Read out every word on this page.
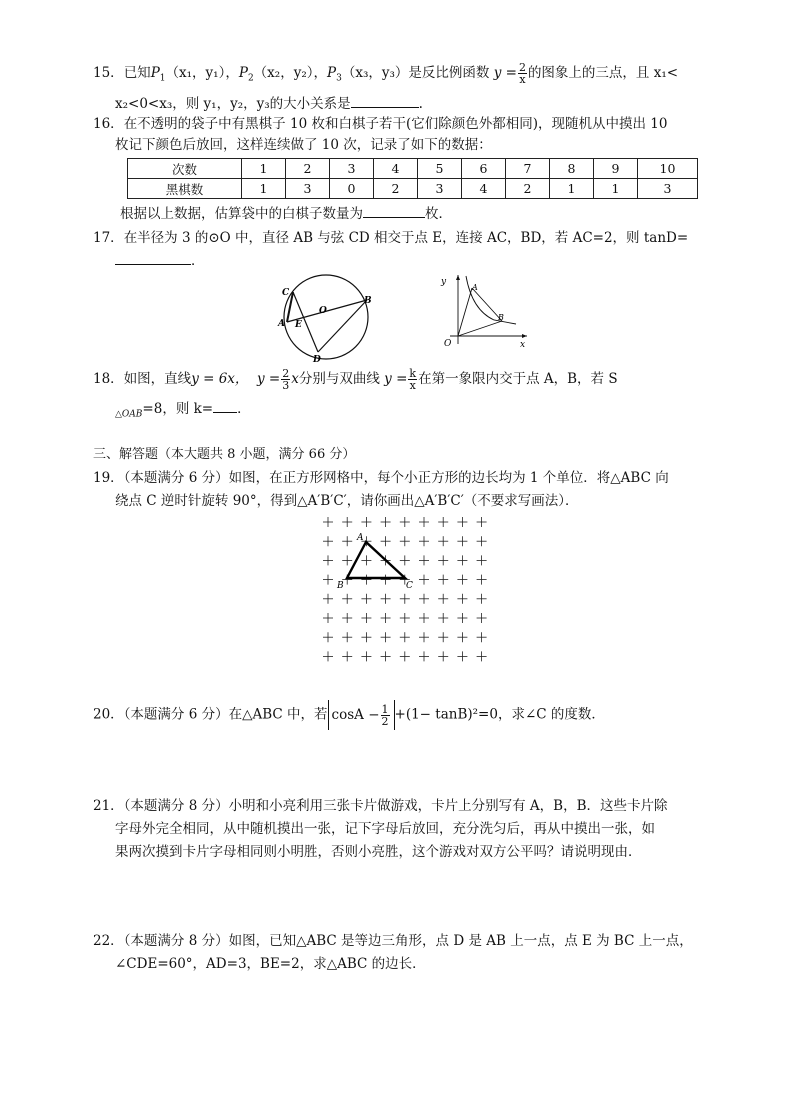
15．已知$P_1(x_1$，y₁），$P_2(x_2$，y₂），$P_3(x_3$，y₃）是反比例函数 $y = \frac{2}{x}$ 的图象上的三点，且 x₁<
x₂<0<x₃，则 y₁，y₂，y₃的大小关系是	.
16．在不透明的袋子中有黑棋子 10 枚和白棋子若干(它们除颜色外都相同)，现随机从中摸出 10
枚记下颜色后放回，这样连续做了 10 次，记录了如下的数据：
次数	1	2	3	4	5	6	7	8	9	10
黑棋数	1	3	0	2	3	4	2	1	1	3
根据以上数据，估算袋中的白棋子数量为	枚．
17．在半径为 3 的⊙O 中，直径 AB 与弦 CD 相交于点 E，连接 AC，BD，若 AC=2，则 tanD=
．
C
A E
O
B
D
y
A
B
O	x
18．如图，直线y = 6x， $y = \frac{2}{3}$ x分别与双曲线 $y = \frac{k}{x}$ 在第一象限内交于点 A，B，若 S
$_{\triangle OAB}$=8，则 k= ．
三、解答题（本大题共 8 小题，满分 66 分）
19．（本题满分 6 分）如图，在正方形网格中，每个小正方形的边长均为 1 个单位．将△ABC 向
绕点 C 逆时针旋转 90°，得到△A′B′C′，请你画出△A′B′C′（不要求写画法）．
A
B	C
20．（本题满分 6 分）在△ABC 中，若 $\cos A - \frac{1}{2} +(1- \tan B)^2=0$，求∠C 的度数．
21．（本题满分 8 分）小明和小亮利用三张卡片做游戏，卡片上分别写有 A，B，B．这些卡片除
字母外完全相同，从中随机摸出一张，记下字母后放回，充分洗匀后，再从中摸出一张，如
果两次摸到卡片字母相同则小明胜，否则小亮胜，这个游戏对双方公平吗？请说明现由．
22．（本题满分 8 分）如图，已知△ABC 是等边三角形，点 D 是 AB 上一点，点 E 为 BC 上一点，
∠CDE=60°，AD=3，BE=2，求△ABC 的边长．
